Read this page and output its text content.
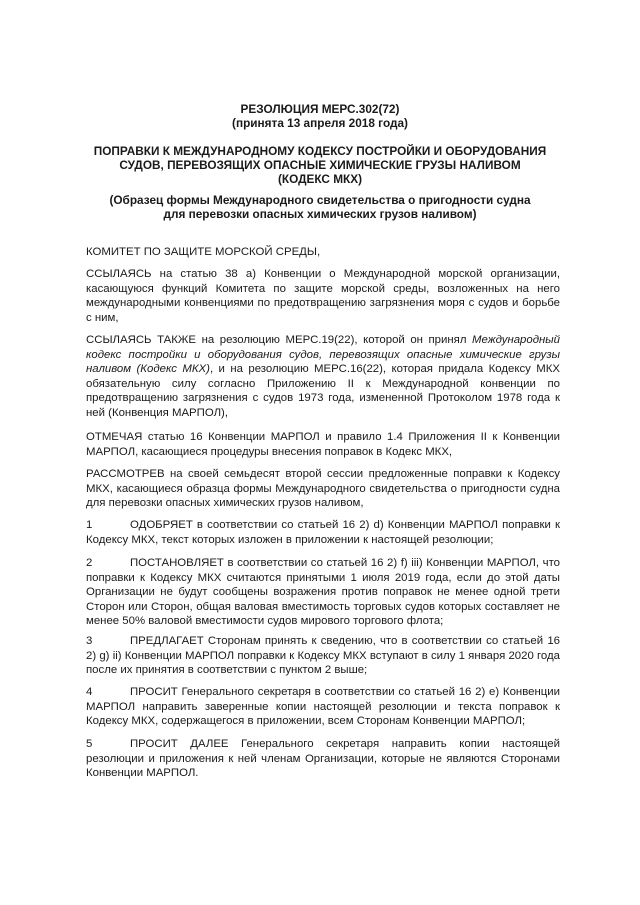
РЕЗОЛЮЦИЯ МЕРС.302(72)
(принята 13 апреля 2018 года)

ПОПРАВКИ К МЕЖДУНАРОДНОМУ КОДЕКСУ ПОСТРОЙКИ И ОБОРУДОВАНИЯ
СУДОВ, ПЕРЕВОЗЯЩИХ ОПАСНЫЕ ХИМИЧЕСКИЕ ГРУЗЫ НАЛИВОМ
(КОДЕКС МКХ)

(Образец формы Международного свидетельства о пригодности судна
для перевозки опасных химических грузов наливом)

КОМИТЕТ ПО ЗАЩИТЕ МОРСКОЙ СРЕДЫ,

ССЫЛАЯСЬ на статью 38 а) Конвенции о Международной морской организации, касающуюся функций Комитета по защите морской среды, возложенных на него международными конвенциями по предотвращению загрязнения моря с судов и борьбе с ним,

ССЫЛАЯСЬ ТАКЖЕ на резолюцию МЕРС.19(22), которой он принял Международный кодекс постройки и оборудования судов, перевозящих опасные химические грузы наливом (Кодекс МКХ), и на резолюцию МЕРС.16(22), которая придала Кодексу МКХ обязательную силу согласно Приложению II к Международной конвенции по предотвращению загрязнения с судов 1973 года, измененной Протоколом 1978 года к ней (Конвенция МАРПОЛ),

ОТМЕЧАЯ статью 16 Конвенции МАРПОЛ и правило 1.4 Приложения II к Конвенции МАРПОЛ, касающиеся процедуры внесения поправок в Кодекс МКХ,

РАССМОТРЕВ на своей семьдесят второй сессии предложенные поправки к Кодексу МКХ, касающиеся образца формы Международного свидетельства о пригодности судна для перевозки опасных химических грузов наливом,

1	ОДОБРЯЕТ в соответствии со статьей 16 2) d) Конвенции МАРПОЛ поправки к Кодексу МКХ, текст которых изложен в приложении к настоящей резолюции;

2	ПОСТАНОВЛЯЕТ в соответствии со статьей 16 2) f) iii) Конвенции МАРПОЛ, что поправки к Кодексу МКХ считаются принятыми 1 июля 2019 года, если до этой даты Организации не будут сообщены возражения против поправок не менее одной трети Сторон или Сторон, общая валовая вместимость торговых судов которых составляет не менее 50% валовой вместимости судов мирового торгового флота;

3	ПРЕДЛАГАЕТ Сторонам принять к сведению, что в соответствии со статьей 16 2) g) ii) Конвенции МАРПОЛ поправки к Кодексу МКХ вступают в силу 1 января 2020 года после их принятия в соответствии с пунктом 2 выше;

4	ПРОСИТ Генерального секретаря в соответствии со статьей 16 2) е) Конвенции МАРПОЛ направить заверенные копии настоящей резолюции и текста поправок к Кодексу МКХ, содержащегося в приложении, всем Сторонам Конвенции МАРПОЛ;

5	ПРОСИТ ДАЛЕЕ Генерального секретаря направить копии настоящей резолюции и приложения к ней членам Организации, которые не являются Сторонами Конвенции МАРПОЛ.
